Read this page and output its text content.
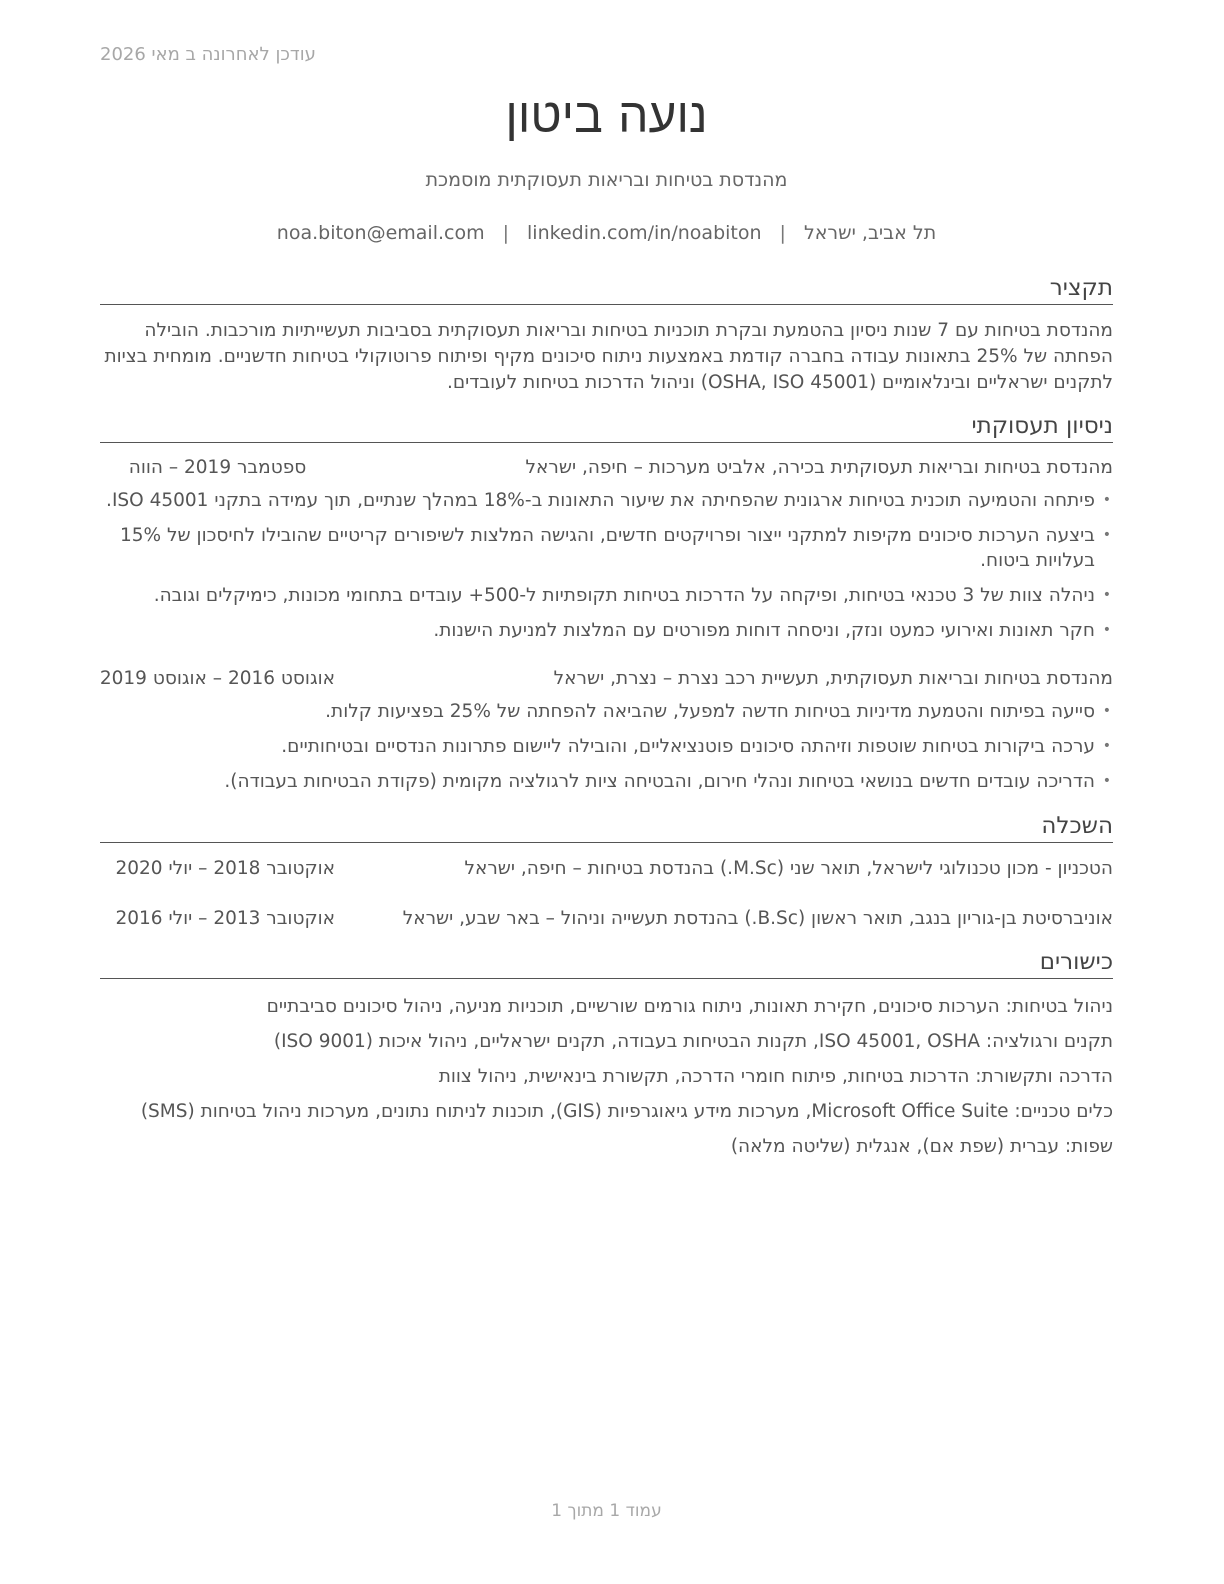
עודכן לאחרונה ב מאי 2026
נועה ביטון
מהנדסת בטיחות ובריאות תעסוקתית מוסמכת
תל אביב, ישראל|noa.biton@email.com | linkedin.com/in/noabiton
תקציר
מהנדסת בטיחות עם 7 שנות ניסיון בהטמעת ובקרת תוכניות בטיחות ובריאות תעסוקתית בסביבות תעשייתיות מורכבות. הובילה הפחתה של 25% בתאונות עבודה בחברה קודמת באמצעות ניתוח סיכונים מקיף ופיתוח פרוטוקולי בטיחות חדשניים. מומחית בציות לתקנים ישראליים ובינלאומיים (OSHA, ISO 45001) וניהול הדרכות בטיחות לעובדים.
ניסיון תעסוקתי
מהנדסת בטיחות ובריאות תעסוקתית בכירה, אלביט מערכות – חיפה, ישראל
ספטמבר 2019 – הווה
•
פיתחה והטמיעה תוכנית בטיחות ארגונית שהפחיתה את שיעור התאונות ב-18% במהלך שנתיים, תוך עמידה בתקני ISO 45001.
•
ביצעה הערכות סיכונים מקיפות למתקני ייצור ופרויקטים חדשים, והגישה המלצות לשיפורים קריטיים שהובילו לחיסכון של 15% בעלויות ביטוח.
•
ניהלה צוות של 3 טכנאי בטיחות, ופיקחה על הדרכות בטיחות תקופתיות ל-500+ עובדים בתחומי מכונות, כימיקלים וגובה.
•
חקר תאונות ואירועי כמעט ונזק, וניסחה דוחות מפורטים עם המלצות למניעת הישנות.
מהנדסת בטיחות ובריאות תעסוקתית, תעשיית רכב נצרת – נצרת, ישראל
אוגוסט 2016 – אוגוסט 2019
•
סייעה בפיתוח והטמעת מדיניות בטיחות חדשה למפעל, שהביאה להפחתה של 25% בפציעות קלות.
•
ערכה ביקורות בטיחות שוטפות וזיהתה סיכונים פוטנציאליים, והובילה ליישום פתרונות הנדסיים ובטיחותיים.
•
הדריכה עובדים חדשים בנושאי בטיחות ונהלי חירום, והבטיחה ציות לרגולציה מקומית (פקודת הבטיחות בעבודה).
השכלה
הטכניון - מכון טכנולוגי לישראל, תואר שני (M.Sc.) בהנדסת בטיחות – חיפה, ישראל
אוקטובר 2018 – יולי 2020
אוניברסיטת בן-גוריון בנגב, תואר ראשון (B.Sc.) בהנדסת תעשייה וניהול – באר שבע, ישראל
אוקטובר 2013 – יולי 2016
כישורים
ניהול בטיחות: הערכות סיכונים, חקירת תאונות, ניתוח גורמים שורשיים, תוכניות מניעה, ניהול סיכונים סביבתיים
תקנים ורגולציה: ISO 45001, OSHA, תקנות הבטיחות בעבודה, תקנים ישראליים, ניהול איכות (ISO 9001)
הדרכה ותקשורת: הדרכות בטיחות, פיתוח חומרי הדרכה, תקשורת בינאישית, ניהול צוות
כלים טכניים: Microsoft Office Suite, מערכות מידע גיאוגרפיות (GIS), תוכנות לניתוח נתונים, מערכות ניהול בטיחות (SMS)
שפות: עברית (שפת אם), אנגלית (שליטה מלאה)
עמוד 1 מתוך 1
